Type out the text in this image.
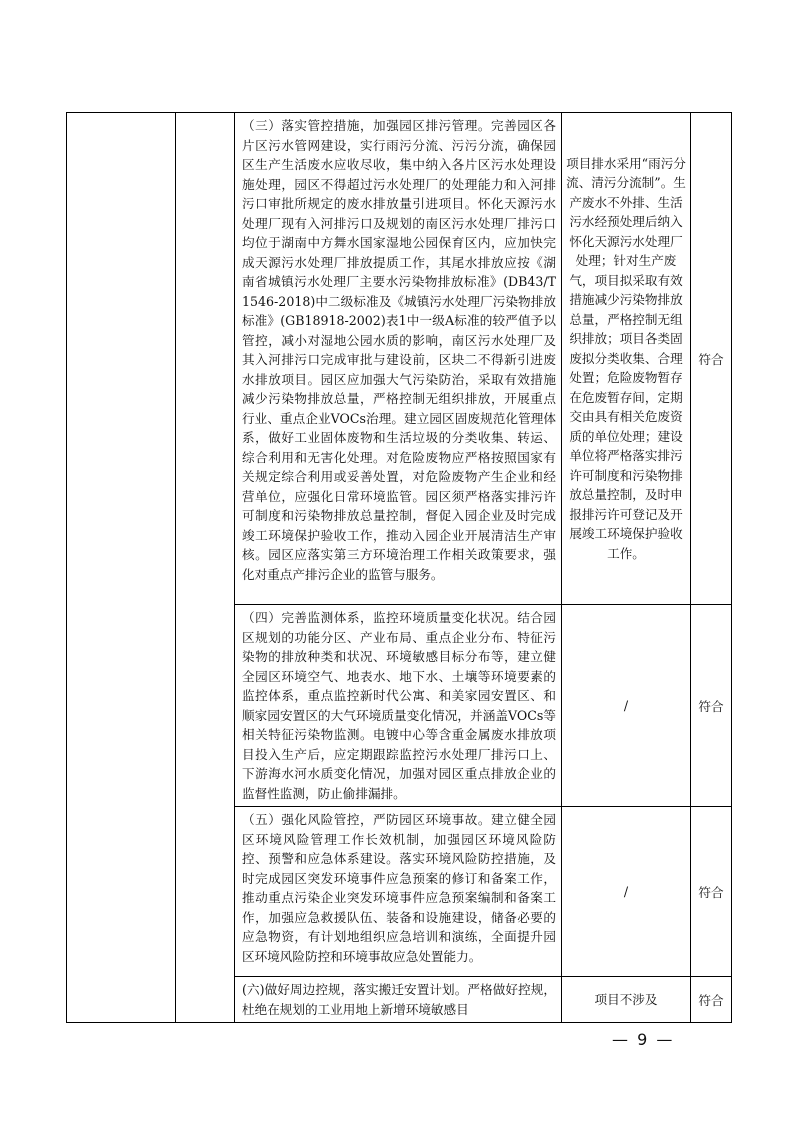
		（三）落实管控措施，加强园区排污管理。完善园区各片区污水管网建设，实行雨污分流、污污分流，确保园区生产生活废水应收尽收，集中纳入各片区污水处理设施处理，园区不得超过污水处理厂的处理能力和入河排污口审批所规定的废水排放量引进项目。怀化天源污水处理厂现有入河排污口及规划的南区污水处理厂排污口均位于湖南中方舞水国家湿地公园保育区内，应加快完成天源污水处理厂排放提质工作，其尾水排放应按《湖南省城镇污水处理厂主要水污染物排放标准》(DB43/T 1546-2018)中二级标准及《城镇污水处理厂污染物排放标准》(GB18918-2002)表1中一级A标准的较严值予以管控，减小对湿地公园水质的影响，南区污水处理厂及其入河排污口完成审批与建设前，区块二不得新引进废水排放项目。园区应加强大气污染防治，采取有效措施减少污染物排放总量，严格控制无组织排放，开展重点行业、重点企业VOCs治理。建立园区固废规范化管理体系，做好工业固体废物和生活垃圾的分类收集、转运、综合利用和无害化处理。对危险废物应严格按照国家有关规定综合利用或妥善处置，对危险废物产生企业和经营单位，应强化日常环境监管。园区须严格落实排污许可制度和污染物排放总量控制，督促入园企业及时完成竣工环境保护验收工作，推动入园企业开展清洁生产审核。园区应落实第三方环境治理工作相关政策要求，强化对重点产排污企业的监管与服务。	项目排水采用“雨污分流、清污分流制”。生产废水不外排、生活污水经预处理后纳入怀化天源污水处理厂处理；针对生产废气，项目拟采取有效措施减少污染物排放总量，严格控制无组织排放；项目各类固废拟分类收集、合理处置；危险废物暂存在危废暂存间，定期交由具有相关危废资质的单位处理；建设单位将严格落实排污许可制度和污染物排放总量控制，及时申报排污许可登记及开展竣工环境保护验收工作。	符合
		（四）完善监测体系，监控环境质量变化状况。结合园区规划的功能分区、产业布局、重点企业分布、特征污染物的排放种类和状况、环境敏感目标分布等，建立健全园区环境空气、地表水、地下水、土壤等环境要素的监控体系，重点监控新时代公寓、和美家园安置区、和顺家园安置区的大气环境质量变化情况，并涵盖VOCs等相关特征污染物监测。电镀中心等含重金属废水排放项目投入生产后，应定期跟踪监控污水处理厂排污口上、下游海水河水质变化情况，加强对园区重点排放企业的监督性监测，防止偷排漏排。	/	符合
		（五）强化风险管控，严防园区环境事故。建立健全园区环境风险管理工作长效机制，加强园区环境风险防控、预警和应急体系建设。落实环境风险防控措施，及时完成园区突发环境事件应急预案的修订和备案工作，推动重点污染企业突发环境事件应急预案编制和备案工作，加强应急救援队伍、装备和设施建设，储备必要的应急物资，有计划地组织应急培训和演练，全面提升园区环境风险防控和环境事故应急处置能力。	/	符合
		(六)做好周边控规，落实搬迁安置计划。严格做好控规，杜绝在规划的工业用地上新增环境敏感目	项目不涉及	符合
— 9 —
